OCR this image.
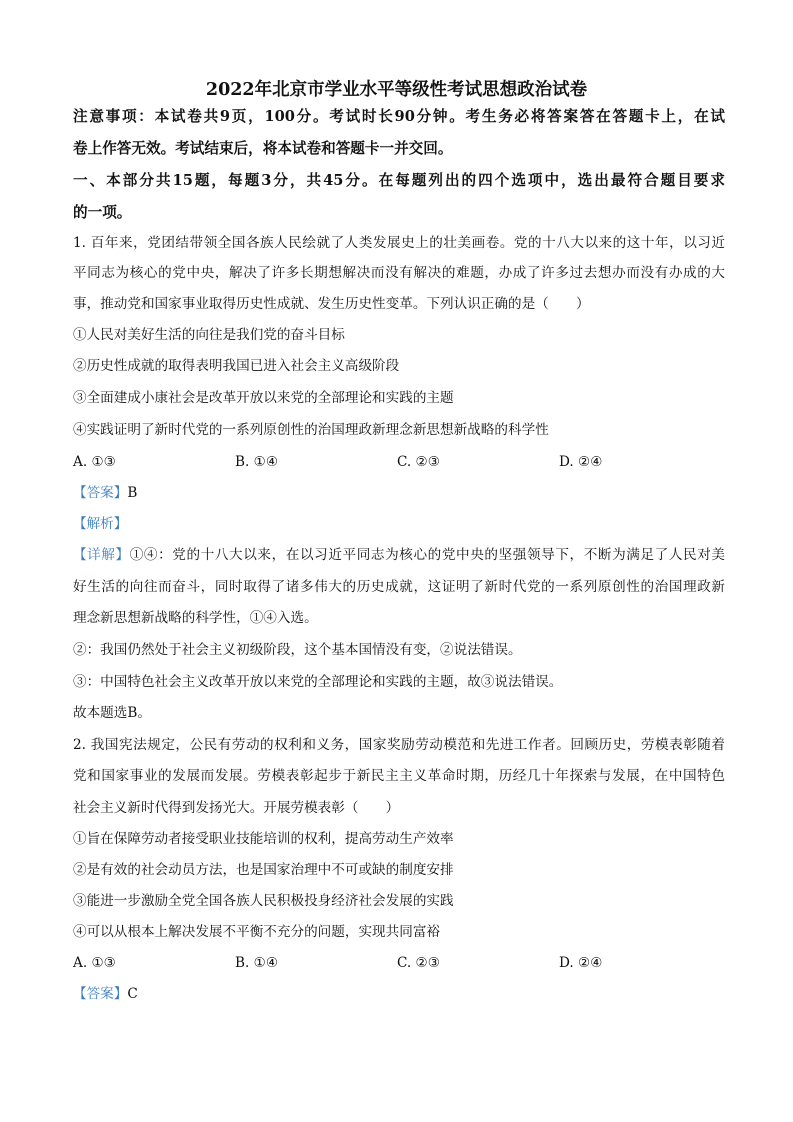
2022年北京市学业水平等级性考试思想政治试卷
注意事项：本试卷共9页，100分。考试时长90分钟。考生务必将答案答在答题卡上，在试
卷上作答无效。考试结束后，将本试卷和答题卡一并交回。
一、本部分共15题，每题3分，共45分。在每题列出的四个选项中，选出最符合题目要求
的一项。
1. 百年来，党团结带领全国各族人民绘就了人类发展史上的壮美画卷。党的十八大以来的这十年，以习近
平同志为核心的党中央，解决了许多长期想解决而没有解决的难题，办成了许多过去想办而没有办成的大
事，推动党和国家事业取得历史性成就、发生历史性变革。下列认识正确的是（　　）
①人民对美好生活的向往是我们党的奋斗目标
②历史性成就的取得表明我国已进入社会主义高级阶段
③全面建成小康社会是改革开放以来党的全部理论和实践的主题
④实践证明了新时代党的一系列原创性的治国理政新理念新思想新战略的科学性
A. ①③	B. ①④	C. ②③	D. ②④
【答案】B
【解析】
【详解】①④：党的十八大以来，在以习近平同志为核心的党中央的坚强领导下，不断为满足了人民对美
好生活的向往而奋斗，同时取得了诸多伟大的历史成就，这证明了新时代党的一系列原创性的治国理政新
理念新思想新战略的科学性，①④入选。
②：我国仍然处于社会主义初级阶段，这个基本国情没有变，②说法错误。
③：中国特色社会主义改革开放以来党的全部理论和实践的主题，故③说法错误。
故本题选B。
2. 我国宪法规定，公民有劳动的权利和义务，国家奖励劳动模范和先进工作者。回顾历史，劳模表彰随着
党和国家事业的发展而发展。劳模表彰起步于新民主主义革命时期，历经几十年探索与发展，在中国特色
社会主义新时代得到发扬光大。开展劳模表彰（　　）
①旨在保障劳动者接受职业技能培训的权利，提高劳动生产效率
②是有效的社会动员方法，也是国家治理中不可或缺的制度安排
③能进一步激励全党全国各族人民积极投身经济社会发展的实践
④可以从根本上解决发展不平衡不充分的问题，实现共同富裕
A. ①③	B. ①④	C. ②③	D. ②④
【答案】C
